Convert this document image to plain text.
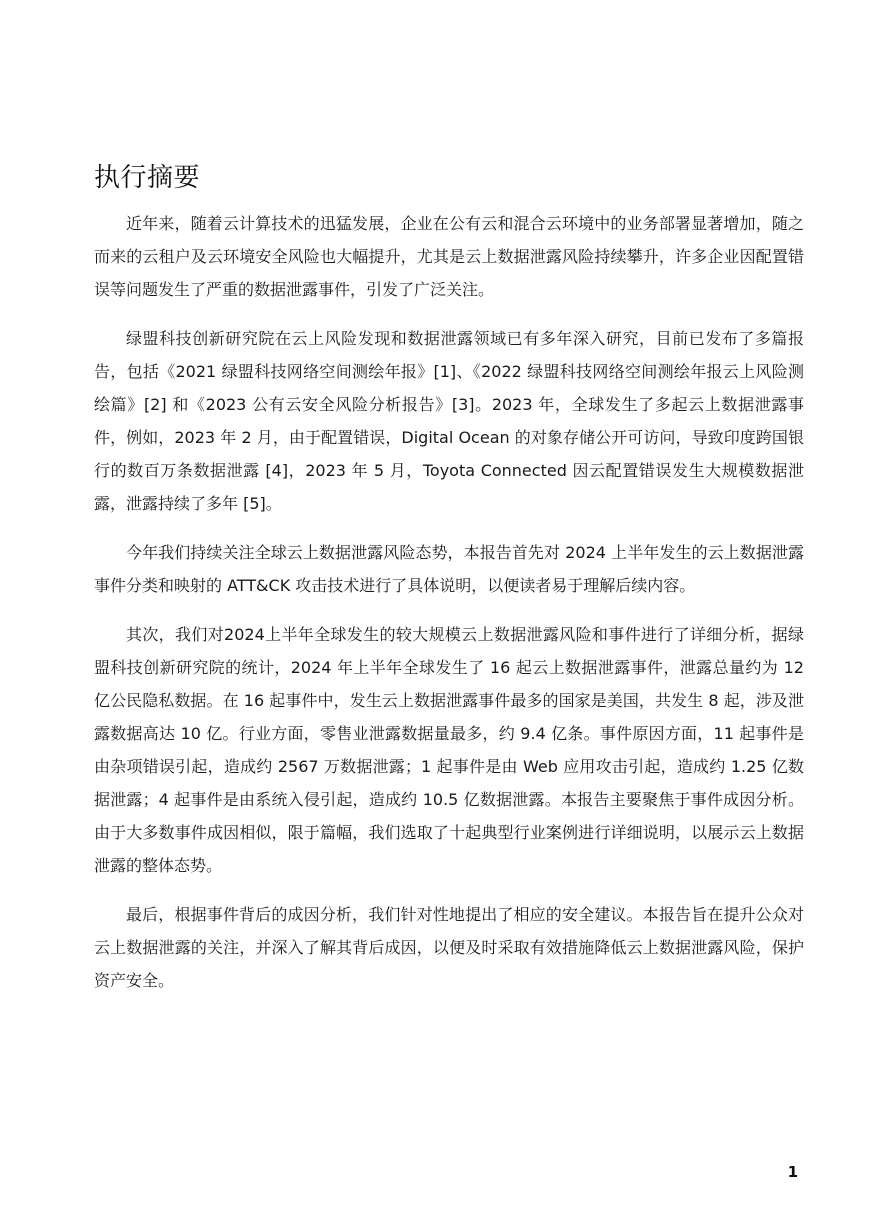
执行摘要

近年来，随着云计算技术的迅猛发展，企业在公有云和混合云环境中的业务部署显著增加，随之而来的云租户及云环境安全风险也大幅提升，尤其是云上数据泄露风险持续攀升，许多企业因配置错误等问题发生了严重的数据泄露事件，引发了广泛关注。

绿盟科技创新研究院在云上风险发现和数据泄露领域已有多年深入研究，目前已发布了多篇报告，包括《2021 绿盟科技网络空间测绘年报》[1]、《2022 绿盟科技网络空间测绘年报云上风险测绘篇》[2] 和《2023 公有云安全风险分析报告》[3]。2023 年，全球发生了多起云上数据泄露事件，例如，2023 年 2 月，由于配置错误，Digital Ocean 的对象存储公开可访问，导致印度跨国银行的数百万条数据泄露 [4]，2023 年 5 月，Toyota Connected 因云配置错误发生大规模数据泄露，泄露持续了多年 [5]。

今年我们持续关注全球云上数据泄露风险态势，本报告首先对 2024 上半年发生的云上数据泄露事件分类和映射的 ATT&CK 攻击技术进行了具体说明，以便读者易于理解后续内容。

其次，我们对2024上半年全球发生的较大规模云上数据泄露风险和事件进行了详细分析，据绿盟科技创新研究院的统计，2024 年上半年全球发生了 16 起云上数据泄露事件，泄露总量约为 12 亿公民隐私数据。在 16 起事件中，发生云上数据泄露事件最多的国家是美国，共发生 8 起，涉及泄露数据高达 10 亿。行业方面，零售业泄露数据量最多，约 9.4 亿条。事件原因方面，11 起事件是由杂项错误引起，造成约 2567 万数据泄露；1 起事件是由 Web 应用攻击引起，造成约 1.25 亿数据泄露；4 起事件是由系统入侵引起，造成约 10.5 亿数据泄露。本报告主要聚焦于事件成因分析。由于大多数事件成因相似，限于篇幅，我们选取了十起典型行业案例进行详细说明，以展示云上数据泄露的整体态势。

最后，根据事件背后的成因分析，我们针对性地提出了相应的安全建议。本报告旨在提升公众对云上数据泄露的关注，并深入了解其背后成因，以便及时采取有效措施降低云上数据泄露风险，保护资产安全。

1
